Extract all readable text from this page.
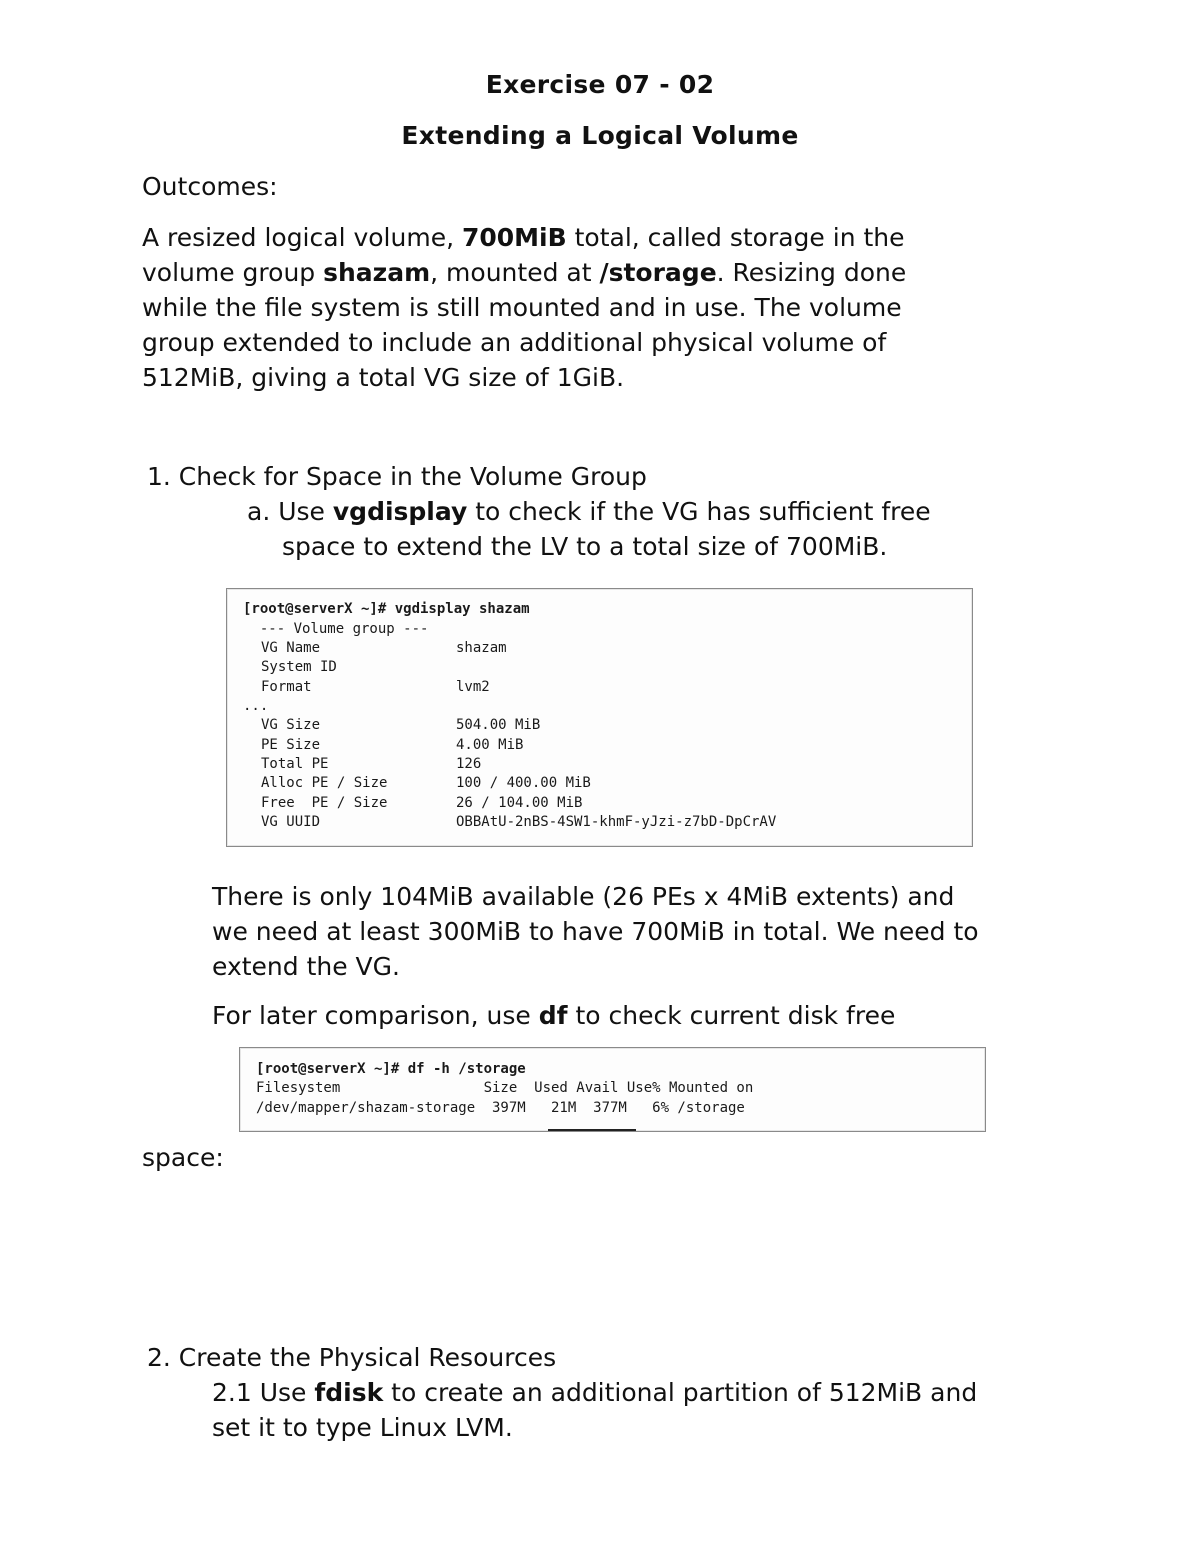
Exercise 07 - 02
Extending a Logical Volume
Outcomes:
A resized logical volume, 700MiB total, called storage in the
volume group shazam, mounted at /storage. Resizing done
while the file system is still mounted and in use. The volume
group extended to include an additional physical volume of
512MiB, giving a total VG size of 1GiB.
1. Check for Space in the Volume Group
a. Use vgdisplay to check if the VG has sufficient free
space to extend the LV to a total size of 700MiB.
[root@serverX ~]# vgdisplay shazam
--- Volume group ---
VG Name	shazam
System ID
Format	lvm2
...
VG Size	504.00 MiB
PE Size	4.00 MiB
Total PE	126
Alloc PE / Size	100 / 400.00 MiB
Free  PE / Size	26 / 104.00 MiB
VG UUID	OBBAtU-2nBS-4SW1-khmF-yJzi-z7bD-DpCrAV
There is only 104MiB available (26 PEs x 4MiB extents) and
we need at least 300MiB to have 700MiB in total. We need to
extend the VG.
For later comparison, use df to check current disk free
[root@serverX ~]# df -h /storage
Filesystem                 Size  Used Avail Use% Mounted on
/dev/mapper/shazam-storage  397M   21M  377M   6% /storage
space:
2. Create the Physical Resources
2.1 Use fdisk to create an additional partition of 512MiB and
set it to type Linux LVM.
